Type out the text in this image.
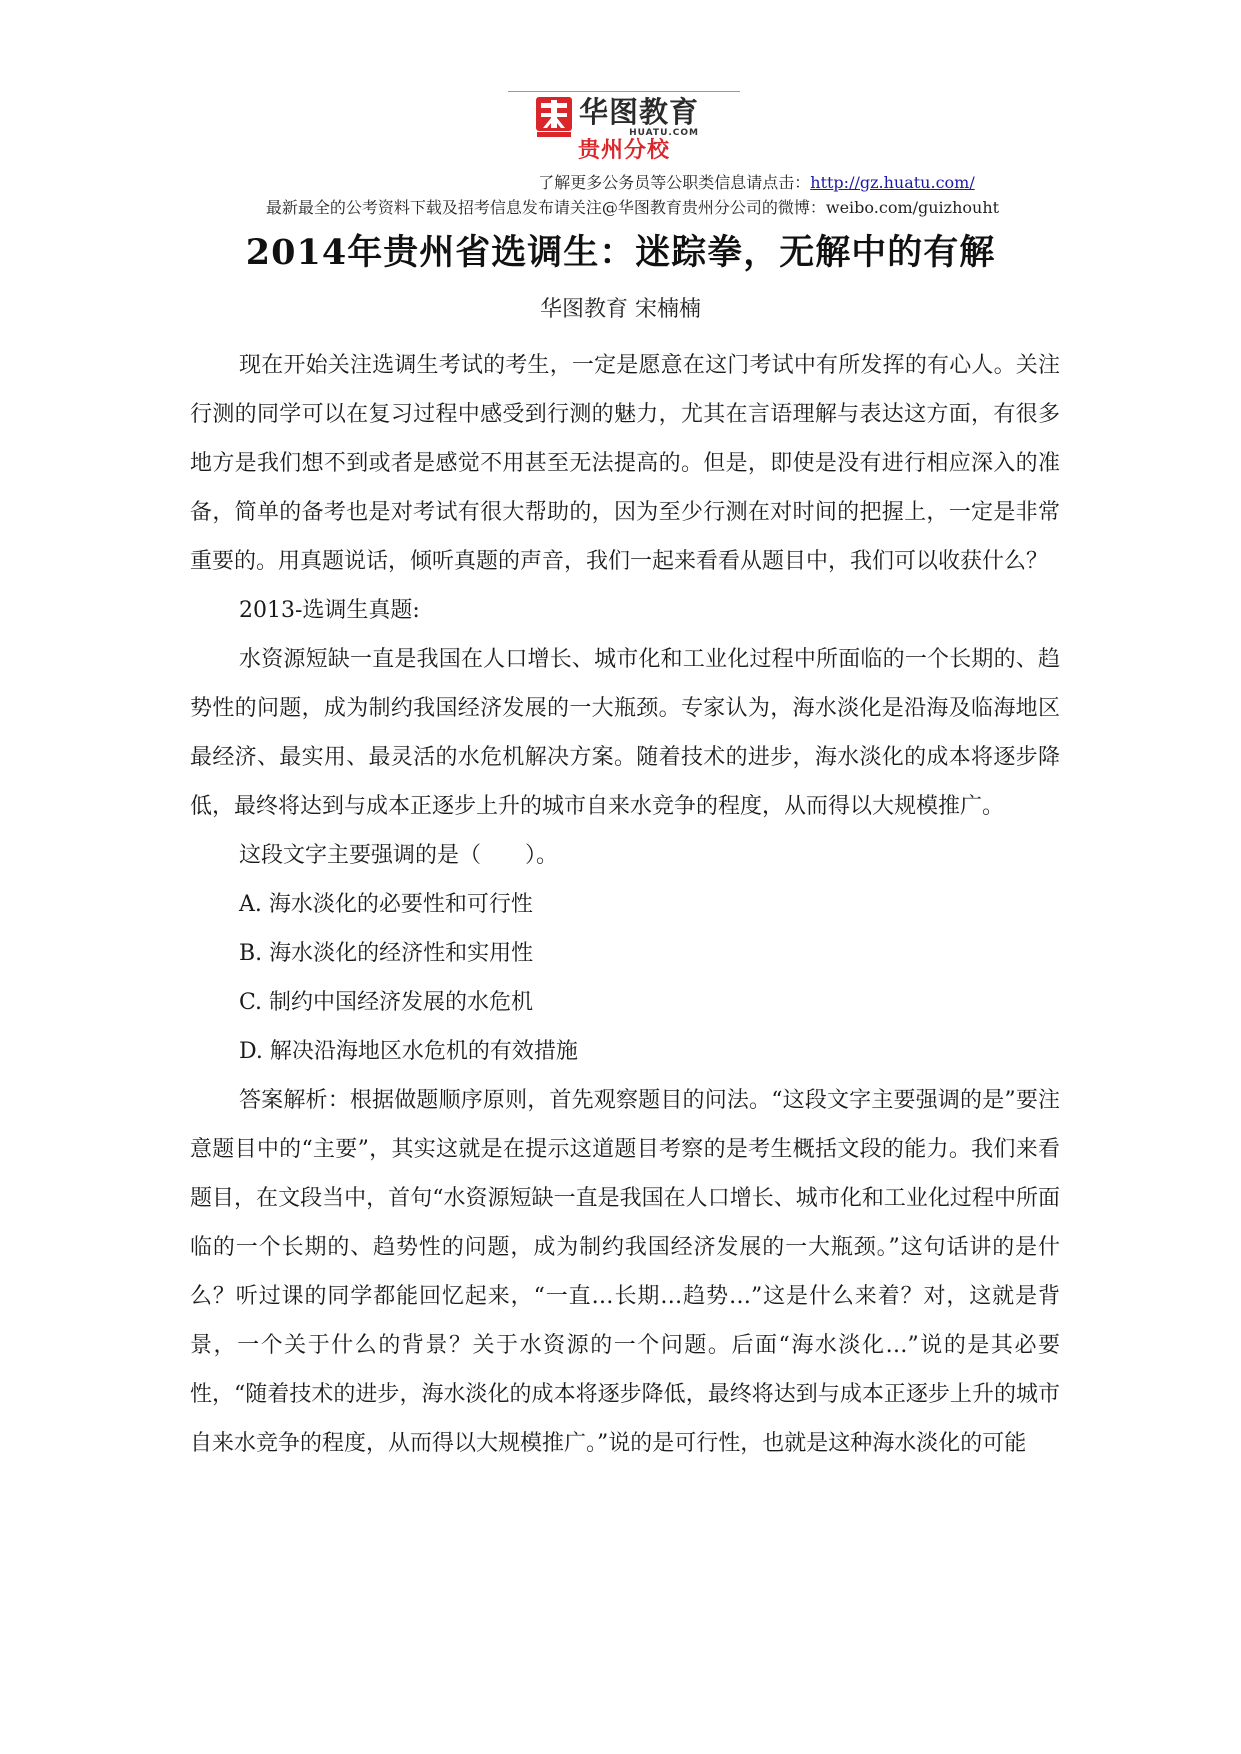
华图教育
HUATU.COM
贵州分校
了解更多公务员等公职类信息请点击：http://gz.huatu.com/
最新最全的公考资料下载及招考信息发布请关注@华图教育贵州分公司的微博：weibo.com/guizhouht
2014年贵州省选调生：迷踪拳，无解中的有解
华图教育 宋楠楠

现在开始关注选调生考试的考生，一定是愿意在这门考试中有所发挥的有心人。关注行测的同学可以在复习过程中感受到行测的魅力，尤其在言语理解与表达这方面，有很多地方是我们想不到或者是感觉不用甚至无法提高的。但是，即使是没有进行相应深入的准备，简单的备考也是对考试有很大帮助的，因为至少行测在对时间的把握上，一定是非常重要的。用真题说话，倾听真题的声音，我们一起来看看从题目中，我们可以收获什么？

2013-选调生真题:

水资源短缺一直是我国在人口增长、城市化和工业化过程中所面临的一个长期的、趋势性的问题，成为制约我国经济发展的一大瓶颈。专家认为，海水淡化是沿海及临海地区最经济、最实用、最灵活的水危机解决方案。随着技术的进步，海水淡化的成本将逐步降低，最终将达到与成本正逐步上升的城市自来水竞争的程度，从而得以大规模推广。

这段文字主要强调的是（　　）。

A. 海水淡化的必要性和可行性

B. 海水淡化的经济性和实用性

C. 制约中国经济发展的水危机

D. 解决沿海地区水危机的有效措施

答案解析：根据做题顺序原则，首先观察题目的问法。“这段文字主要强调的是”要注意题目中的“主要”，其实这就是在提示这道题目考察的是考生概括文段的能力。我们来看题目，在文段当中，首句“水资源短缺一直是我国在人口增长、城市化和工业化过程中所面临的一个长期的、趋势性的问题，成为制约我国经济发展的一大瓶颈。”这句话讲的是什么？听过课的同学都能回忆起来，“一直…长期…趋势…”这是什么来着？对，这就是背景，一个关于什么的背景？关于水资源的一个问题。后面“海水淡化…”说的是其必要性，“随着技术的进步，海水淡化的成本将逐步降低，最终将达到与成本正逐步上升的城市自来水竞争的程度，从而得以大规模推广。”说的是可行性，也就是这种海水淡化的可能
